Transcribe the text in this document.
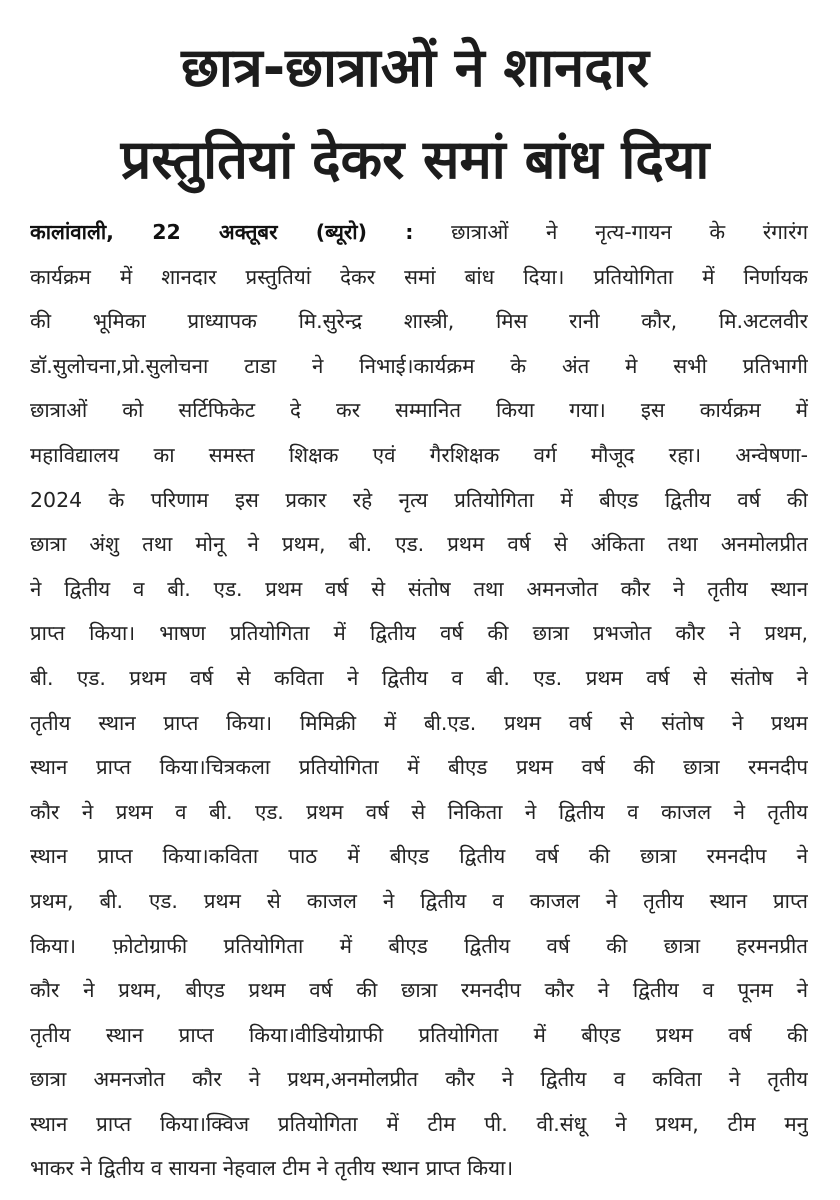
छात्र-छात्राओं ने शानदार
प्रस्तुतियां देकर समां बांध दिया
कालांवाली, 22 अक्तूबर (ब्यूरो) : छात्राओं ने नृत्य-गायन के रंगारंग
कार्यक्रम में शानदार प्रस्तुतियां देकर समां बांध दिया। प्रतियोगिता में निर्णायक
की भूमिका प्राध्यापक मि.सुरेन्द्र शास्त्री, मिस रानी कौर, मि.अटलवीर
डॉ.सुलोचना,प्रो.सुलोचना टाडा ने निभाई।कार्यक्रम के अंत मे सभी प्रतिभागी
छात्राओं को सर्टिफिकेट दे कर सम्मानित किया गया। इस कार्यक्रम में
महाविद्यालय का समस्त शिक्षक एवं गैरशिक्षक वर्ग मौजूद रहा। अन्वेषणा-
2024 के परिणाम इस प्रकार रहे नृत्य प्रतियोगिता में बीएड द्वितीय वर्ष की
छात्रा अंशु तथा मोनू ने प्रथम, बी. एड. प्रथम वर्ष से अंकिता तथा अनमोलप्रीत
ने द्वितीय व बी. एड. प्रथम वर्ष से संतोष तथा अमनजोत कौर ने तृतीय स्थान
प्राप्त किया। भाषण प्रतियोगिता में द्वितीय वर्ष की छात्रा प्रभजोत कौर ने प्रथम,
बी. एड. प्रथम वर्ष से कविता ने द्वितीय व बी. एड. प्रथम वर्ष से संतोष ने
तृतीय स्थान प्राप्त किया। मिमिक्री में बी.एड. प्रथम वर्ष से संतोष ने प्रथम
स्थान प्राप्त किया।चित्रकला प्रतियोगिता में बीएड प्रथम वर्ष की छात्रा रमनदीप
कौर ने प्रथम व बी. एड. प्रथम वर्ष से निकिता ने द्वितीय व काजल ने तृतीय
स्थान प्राप्त किया।कविता पाठ में बीएड द्वितीय वर्ष की छात्रा रमनदीप ने
प्रथम, बी. एड. प्रथम से काजल ने द्वितीय व काजल ने तृतीय स्थान प्राप्त
किया। फ़ोटोग्राफी प्रतियोगिता में बीएड द्वितीय वर्ष की छात्रा हरमनप्रीत
कौर ने प्रथम, बीएड प्रथम वर्ष की छात्रा रमनदीप कौर ने द्वितीय व पूनम ने
तृतीय स्थान प्राप्त किया।वीडियोग्राफी प्रतियोगिता में बीएड प्रथम वर्ष की
छात्रा अमनजोत कौर ने प्रथम,अनमोलप्रीत कौर ने द्वितीय व कविता ने तृतीय
स्थान प्राप्त किया।क्विज प्रतियोगिता में टीम पी. वी.संधू ने प्रथम, टीम मनु
भाकर ने द्वितीय व सायना नेहवाल टीम ने तृतीय स्थान प्राप्त किया।
